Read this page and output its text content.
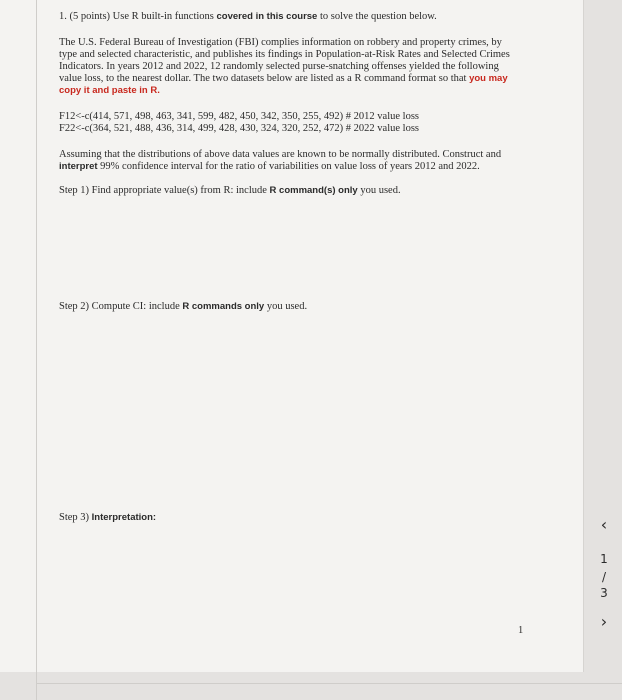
1. (5 points) Use R built-in functions covered in this course to solve the question below.

The U.S. Federal Bureau of Investigation (FBI) complies information on robbery and property crimes, by

type and selected characteristic, and publishes its findings in Population-at-Risk Rates and Selected Crimes

Indicators. In years 2012 and 2022, 12 randomly selected purse-snatching offenses yielded the following

value loss, to the nearest dollar. The two datasets below are listed as a R command format so that you may

copy it and paste in R.

F12<-c(414, 571, 498, 463, 341, 599, 482, 450, 342, 350, 255, 492) # 2012 value loss

F22<-c(364, 521, 488, 436, 314, 499, 428, 430, 324, 320, 252, 472) # 2022 value loss

Assuming that the distributions of above data values are known to be normally distributed. Construct and

interpret 99% confidence interval for the ratio of variabilities on value loss of years 2012 and 2022.

Step 1) Find appropriate value(s) from R: include R command(s) only you used.

Step 2) Compute CI: include R commands only you used.

Step 3) Interpretation:

1
‹
1
/
3
›
